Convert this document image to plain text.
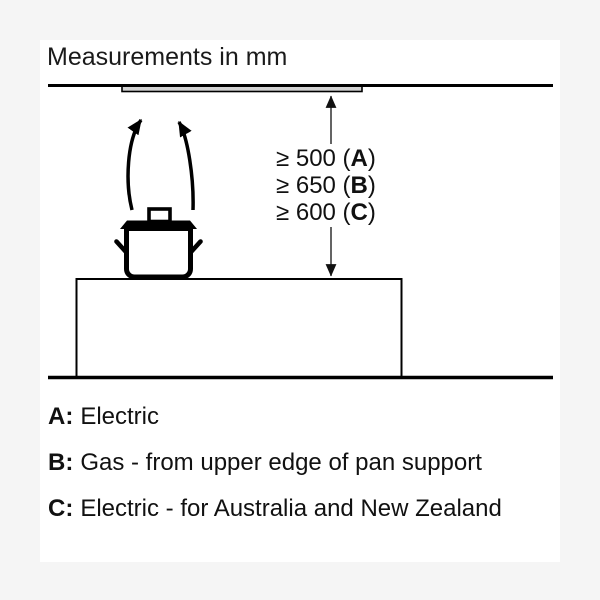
Measurements in mm
≥ 500 (A)
≥ 650 (B)
≥ 600 (C)
A: Electric
B: Gas - from upper edge of pan support
C: Electric - for Australia and New Zealand
